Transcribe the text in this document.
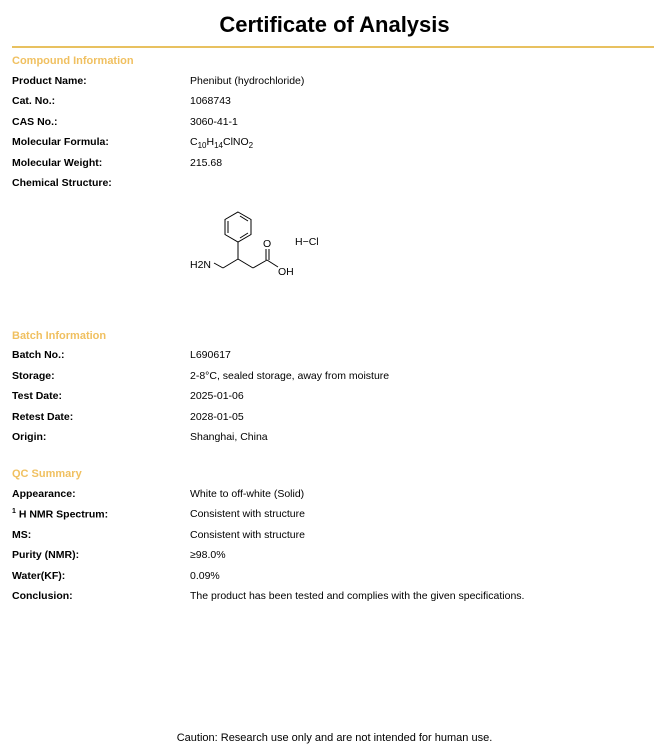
Certificate of Analysis
Compound Information
Product Name:	Phenibut (hydrochloride)
Cat. No.:	1068743
CAS No.:	3060-41-1
Molecular Formula:	$C_{10}H_{14}ClNO_2$
Molecular Weight:	215.68
Chemical Structure:
H2N
O
OH
H−Cl
Batch Information
Batch No.:	L690617
Storage:	2-8°C, sealed storage, away from moisture
Test Date:	2025-01-06
Retest Date:	2028-01-05
Origin:	Shanghai, China
QC Summary
Appearance:	White to off-white (Solid)
$^1$ H NMR Spectrum:	Consistent with structure
MS:	Consistent with structure
Purity (NMR):	≥98.0%
Water(KF):	0.09%
Conclusion:	The product has been tested and complies with the given specifications.
Caution: Research use only and are not intended for human use.
